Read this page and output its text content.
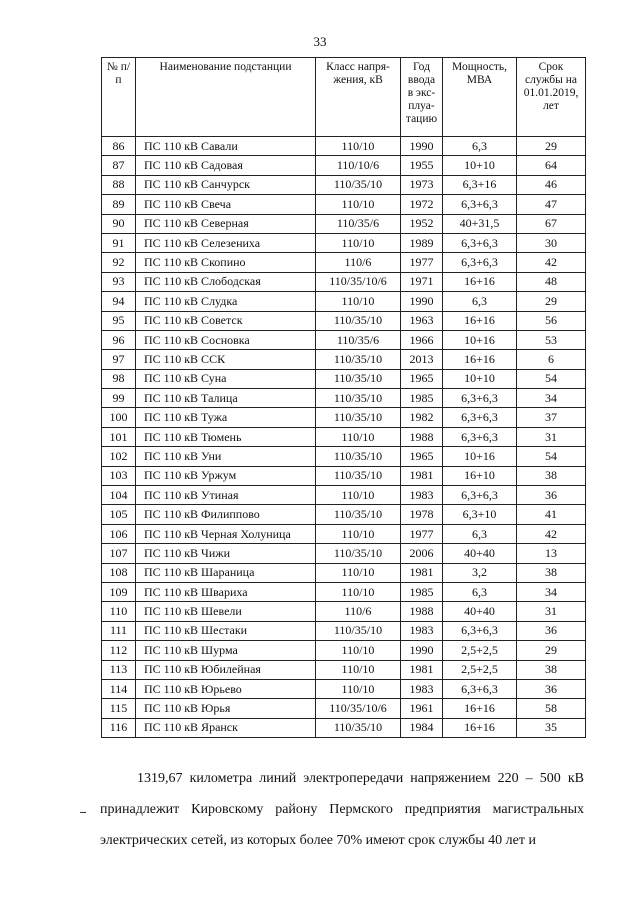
33
№ п/п	Наименование подстанции	Класс напря-жения, кВ	Год ввода в экс-плуа-тацию	Мощность, МВА	Срок службы на 01.01.2019, лет
86	ПС 110 кВ Савали	110/10	1990	6,3	29
87	ПС 110 кВ Садовая	110/10/6	1955	10+10	64
88	ПС 110 кВ Санчурск	110/35/10	1973	6,3+16	46
89	ПС 110 кВ Свеча	110/10	1972	6,3+6,3	47
90	ПС 110 кВ Северная	110/35/6	1952	40+31,5	67
91	ПС 110 кВ Селезениха	110/10	1989	6,3+6,3	30
92	ПС 110 кВ Скопино	110/6	1977	6,3+6,3	42
93	ПС 110 кВ Слободская	110/35/10/6	1971	16+16	48
94	ПС 110 кВ Слудка	110/10	1990	6,3	29
95	ПС 110 кВ Советск	110/35/10	1963	16+16	56
96	ПС 110 кВ Сосновка	110/35/6	1966	10+16	53
97	ПС 110 кВ ССК	110/35/10	2013	16+16	6
98	ПС 110 кВ Суна	110/35/10	1965	10+10	54
99	ПС 110 кВ Талица	110/35/10	1985	6,3+6,3	34
100	ПС 110 кВ Тужа	110/35/10	1982	6,3+6,3	37
101	ПС 110 кВ Тюмень	110/10	1988	6,3+6,3	31
102	ПС 110 кВ Уни	110/35/10	1965	10+16	54
103	ПС 110 кВ Уржум	110/35/10	1981	16+10	38
104	ПС 110 кВ Утиная	110/10	1983	6,3+6,3	36
105	ПС 110 кВ Филиппово	110/35/10	1978	6,3+10	41
106	ПС 110 кВ Черная Холуница	110/10	1977	6,3	42
107	ПС 110 кВ Чижи	110/35/10	2006	40+40	13
108	ПС 110 кВ Шараница	110/10	1981	3,2	38
109	ПС 110 кВ Швариха	110/10	1985	6,3	34
110	ПС 110 кВ Шевели	110/6	1988	40+40	31
111	ПС 110 кВ Шестаки	110/35/10	1983	6,3+6,3	36
112	ПС 110 кВ Шурма	110/10	1990	2,5+2,5	29
113	ПС 110 кВ Юбилейная	110/10	1981	2,5+2,5	38
114	ПС 110 кВ Юрьево	110/10	1983	6,3+6,3	36
115	ПС 110 кВ Юрья	110/35/10/6	1961	16+16	58
116	ПС 110 кВ Яранск	110/35/10	1984	16+16	35
1319,67 километра линий электропередачи напряжением 220 – 500 кВ принадлежит Кировскому району Пермского предприятия магистральных электрических сетей, из которых более 70% имеют срок службы 40 лет и
